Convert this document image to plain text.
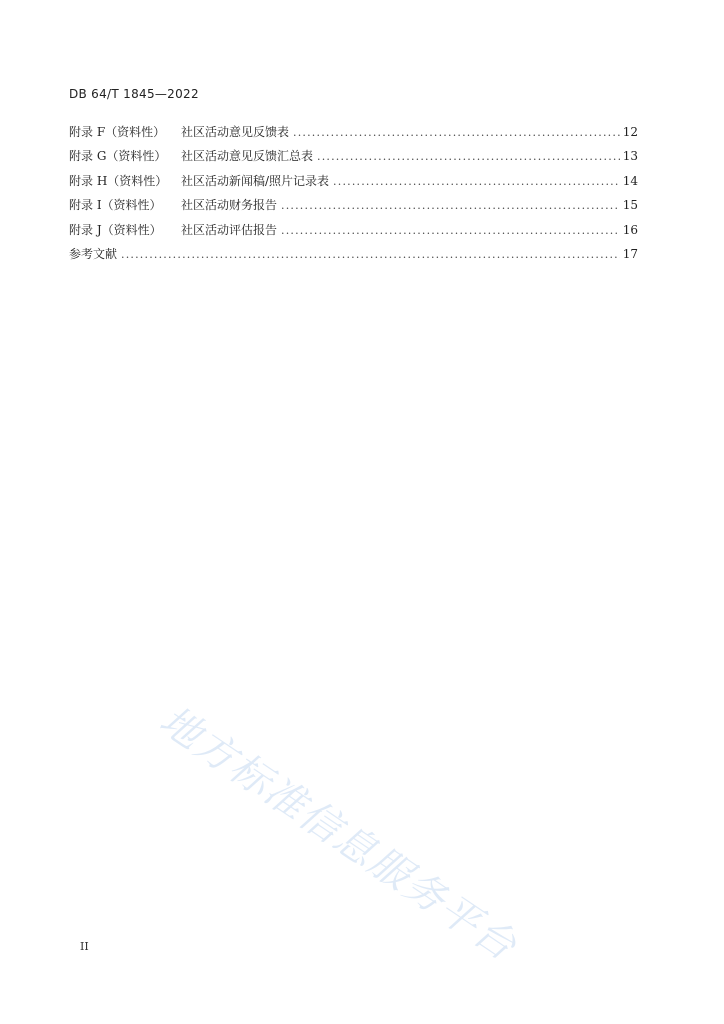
DB 64/T 1845—2022
附录 F（资料性）	社区活动意见反馈表 .....	12
附录 G（资料性）	社区活动意见反馈汇总表 .....	13
附录 H（资料性）	社区活动新闻稿/照片记录表 .....	14
附录 I（资料性）	社区活动财务报告 .....	15
附录 J（资料性）	社区活动评估报告 .....	16
参考文献 .....	17
地方标准信息服务平台
II
